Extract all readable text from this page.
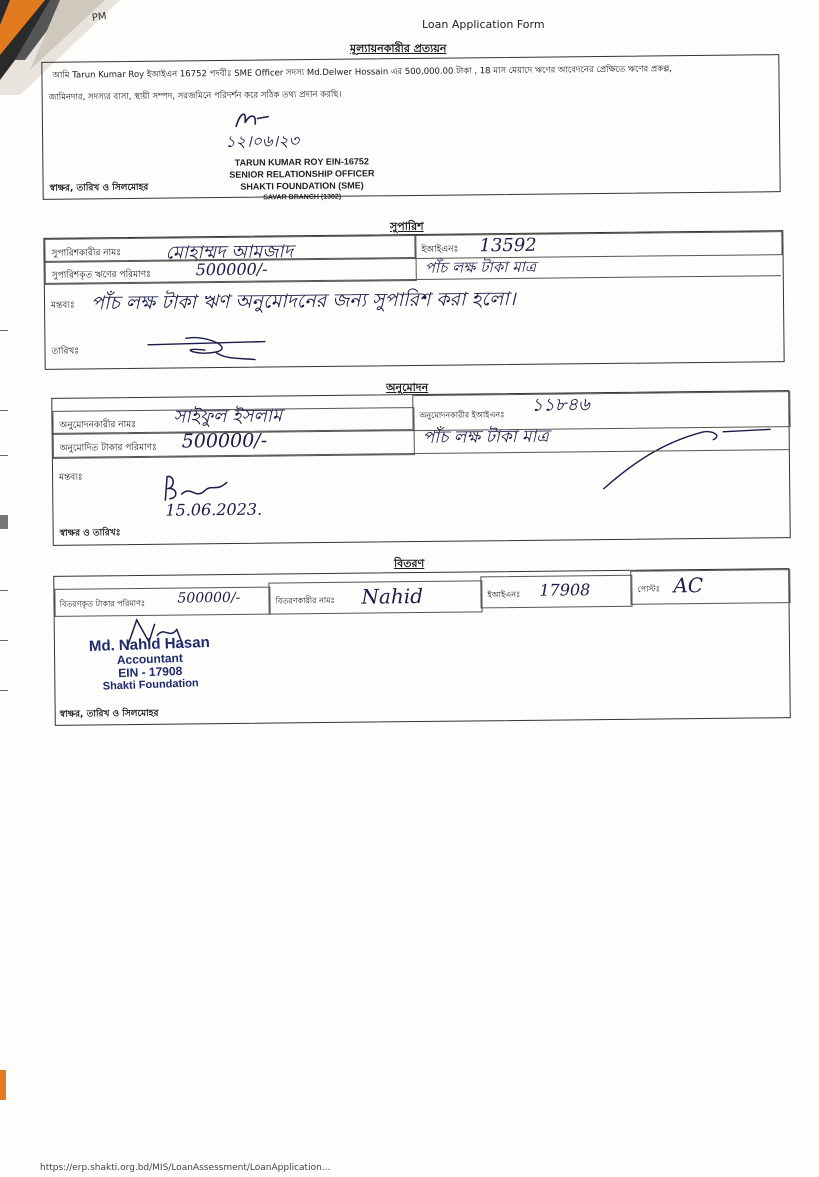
PM
Loan Application Form
মূল্যায়নকারীর প্রত্যয়ন
আমি Tarun Kumar Roy ইআইএন 16752 পদবীঃ SME Officer সদস্য Md.Delwer Hossain এর 500,000.00 টাকা , 18 মাস মেয়াদে ঋণের আবেদনের প্রেক্ষিতে ঋণের প্রকল্প,
জামিনদার, সদস্যর বাসা, স্থায়ী সম্পদ, সরজমিনে পরিদর্শন করে সঠিক তথ্য প্রদান করছি।
১২।০৬।২৩
স্বাক্ষর, তারিখ ও সিলমোহর
TARUN KUMAR ROY EIN-16752
SENIOR RELATIONSHIP OFFICER
SHAKTI FOUNDATION (SME)
SAVAR BRANCH (1302)
সুপারিশ
সুপারিশকারীর নামঃ মোহাম্মদ আমজাদ	ইআইএনঃ 13592
সুপারিশকৃত ঋণের পরিমাণঃ	500000/-	পাঁচ লক্ষ টাকা মাত্র
মন্তব্যঃ পাঁচ লক্ষ টাকা ঋণ অনুমোদনের জন্য সুপারিশ করা হলো।
তারিখঃ
অনুমোদন
অনুমোদনকারীর নামঃ সাইফুল ইসলাম	অনুমোদনকারীর ইআইএনঃ ১১৮৪৬
অনুমোদিত টাকার পরিমাণঃ 500000/-	পাঁচ লক্ষ টাকা মাত্র
মন্তব্যঃ
15.06.2023.
স্বাক্ষর ও তারিখঃ
বিতরণ
বিতরণকৃত টাকার পরিমাণঃ 500000/-	বিতরণকারীর নামঃ Nahid	ইআইএনঃ 17908	পোস্টঃ AC
স্বাক্ষর, তারিখ ও সিলমোহর
Md. Nahid Hasan
Accountant
EIN - 17908
Shakti Foundation
https://erp.shakti.org.bd/MIS/LoanAssessment/LoanApplication...
